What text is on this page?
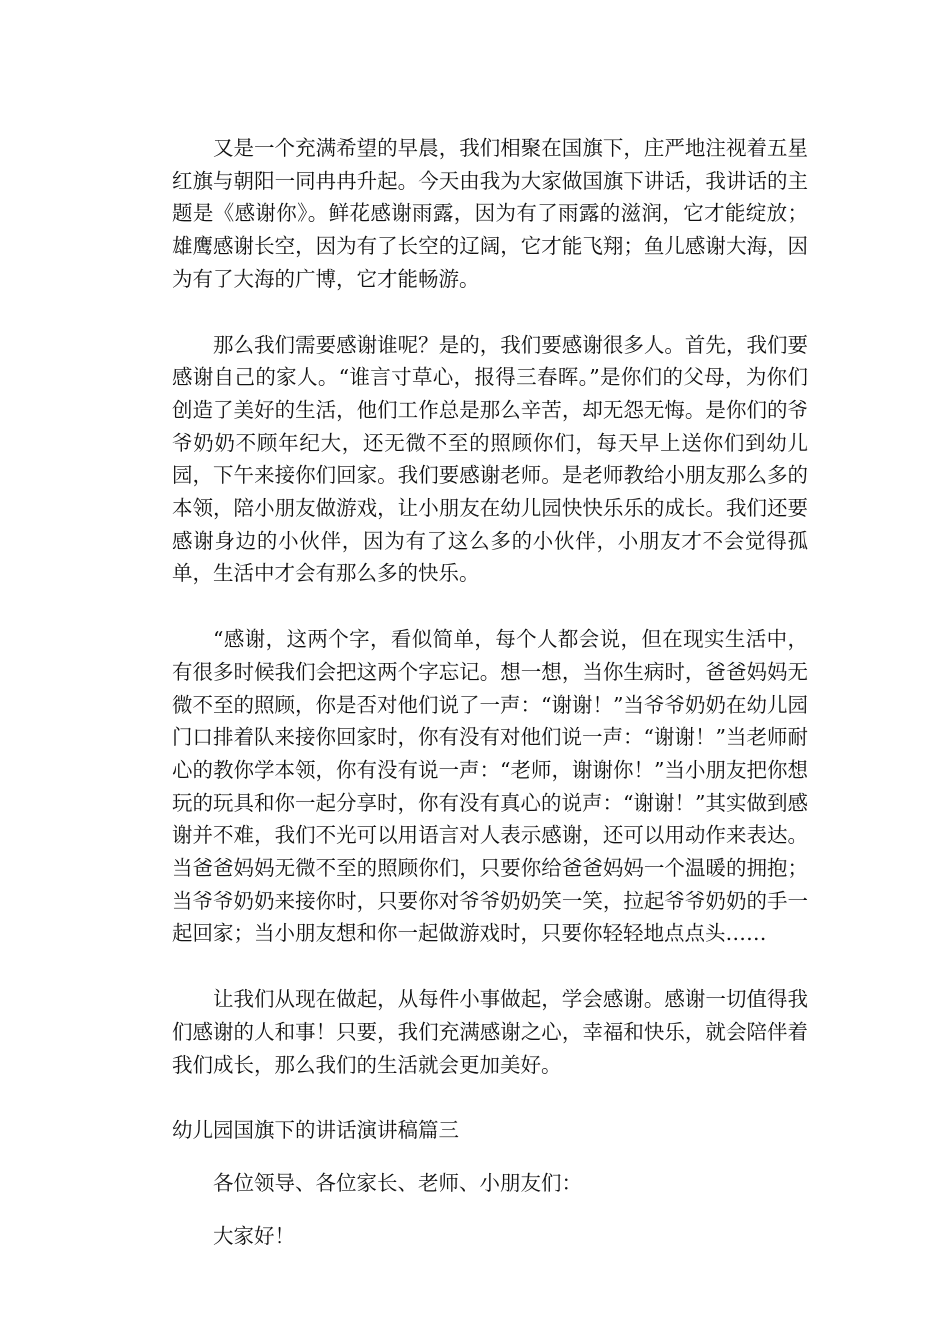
又是一个充满希望的早晨，我们相聚在国旗下，庄严地注视着五星红旗与朝阳一同冉冉升起。今天由我为大家做国旗下讲话，我讲话的主题是《感谢你》。鲜花感谢雨露，因为有了雨露的滋润，它才能绽放；雄鹰感谢长空，因为有了长空的辽阔，它才能飞翔；鱼儿感谢大海，因为有了大海的广博，它才能畅游。

那么我们需要感谢谁呢？是的，我们要感谢很多人。首先，我们要感谢自己的家人。“谁言寸草心，报得三春晖。”是你们的父母，为你们创造了美好的生活，他们工作总是那么辛苦，却无怨无悔。是你们的爷爷奶奶不顾年纪大，还无微不至的照顾你们，每天早上送你们到幼儿园，下午来接你们回家。我们要感谢老师。是老师教给小朋友那么多的本领，陪小朋友做游戏，让小朋友在幼儿园快快乐乐的成长。我们还要感谢身边的小伙伴，因为有了这么多的小伙伴，小朋友才不会觉得孤单，生活中才会有那么多的快乐。

“感谢，这两个字，看似简单，每个人都会说，但在现实生活中，有很多时候我们会把这两个字忘记。想一想，当你生病时，爸爸妈妈无微不至的照顾，你是否对他们说了一声：“谢谢！”当爷爷奶奶在幼儿园门口排着队来接你回家时，你有没有对他们说一声：“谢谢！”当老师耐心的教你学本领，你有没有说一声：“老师，谢谢你！”当小朋友把你想玩的玩具和你一起分享时，你有没有真心的说声：“谢谢！”其实做到感谢并不难，我们不光可以用语言对人表示感谢，还可以用动作来表达。当爸爸妈妈无微不至的照顾你们，只要你给爸爸妈妈一个温暖的拥抱；当爷爷奶奶来接你时，只要你对爷爷奶奶笑一笑，拉起爷爷奶奶的手一起回家；当小朋友想和你一起做游戏时，只要你轻轻地点点头……

让我们从现在做起，从每件小事做起，学会感谢。感谢一切值得我们感谢的人和事！只要，我们充满感谢之心，幸福和快乐，就会陪伴着我们成长，那么我们的生活就会更加美好。

幼儿园国旗下的讲话演讲稿篇三

各位领导、各位家长、老师、小朋友们：

大家好！
